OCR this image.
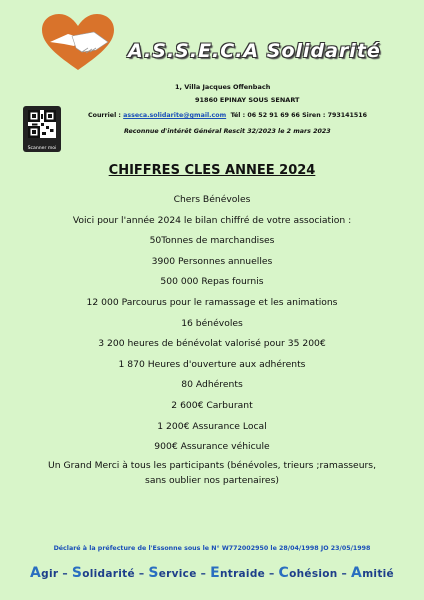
A.S.S.E.C.A Solidarité
1, Villa Jacques Offenbach
91860 EPINAY SOUS SENART
Courriel : asseca.solidarite@gmail.com Tél : 06 52 91 69 66 Siren : 793141516
Reconnue d'intérêt Général Rescit 32/2023 le 2 mars 2023
Scanner moi
CHIFFRES CLES ANNEE 2024
Chers Bénévoles
Voici pour l'année 2024 le bilan chiffré de votre association :
50Tonnes de marchandises
3900 Personnes annuelles
500 000 Repas fournis
12 000 Parcourus pour le ramassage et les animations
16 bénévoles
3 200 heures de bénévolat valorisé pour 35 200€
1 870 Heures d'ouverture aux adhérents
80 Adhérents
2 600€ Carburant
1 200€ Assurance Local
900€ Assurance véhicule
Un Grand Merci à tous les participants (bénévoles, trieurs ;ramasseurs,
sans oublier nos partenaires)
Déclaré à la préfecture de l'Essonne sous le N° W772002950 le 28/04/1998 JO 23/05/1998
Agir – Solidarité – Service – Entraide – Cohésion – Amitié
